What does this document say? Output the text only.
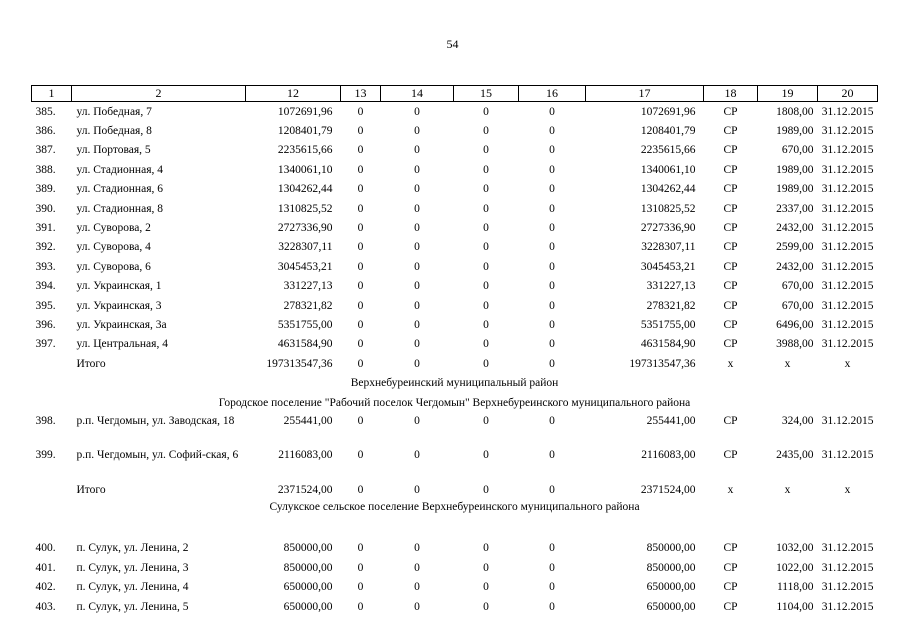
54
1	2	12	13	14	15	16	17	18	19	20
385.	ул. Победная, 7	1072691,96	0	0	0	0	1072691,96	СР	1808,00	31.12.2015
386.	ул. Победная, 8	1208401,79	0	0	0	0	1208401,79	СР	1989,00	31.12.2015
387.	ул. Портовая, 5	2235615,66	0	0	0	0	2235615,66	СР	670,00	31.12.2015
388.	ул. Стадионная, 4	1340061,10	0	0	0	0	1340061,10	СР	1989,00	31.12.2015
389.	ул. Стадионная, 6	1304262,44	0	0	0	0	1304262,44	СР	1989,00	31.12.2015
390.	ул. Стадионная, 8	1310825,52	0	0	0	0	1310825,52	СР	2337,00	31.12.2015
391.	ул. Суворова, 2	2727336,90	0	0	0	0	2727336,90	СР	2432,00	31.12.2015
392.	ул. Суворова, 4	3228307,11	0	0	0	0	3228307,11	СР	2599,00	31.12.2015
393.	ул. Суворова, 6	3045453,21	0	0	0	0	3045453,21	СР	2432,00	31.12.2015
394.	ул. Украинская, 1	331227,13	0	0	0	0	331227,13	СР	670,00	31.12.2015
395.	ул. Украинская, 3	278321,82	0	0	0	0	278321,82	СР	670,00	31.12.2015
396.	ул. Украинская, 3а	5351755,00	0	0	0	0	5351755,00	СР	6496,00	31.12.2015
397.	ул. Центральная, 4	4631584,90	0	0	0	0	4631584,90	СР	3988,00	31.12.2015
	Итого	197313547,36	0	0	0	0	197313547,36	х	х	х
Верхнебуреинский муниципальный район										
Городское поселение "Рабочий поселок Чегдомын" Верхнебуреинского муниципального района										
398.	р.п. Чегдомын, ул. Заводская, 18	255441,00	0	0	0	0	255441,00	СР	324,00	31.12.2015
399.	р.п. Чегдомын, ул. Софий-ская, 6	2116083,00	0	0	0	0	2116083,00	СР	2435,00	31.12.2015
	Итого	2371524,00	0	0	0	0	2371524,00	х	х	х
Сулукское сельское поселение Верхнебуреинского муниципального района										
400.	п. Сулук, ул. Ленина, 2	850000,00	0	0	0	0	850000,00	СР	1032,00	31.12.2015
401.	п. Сулук, ул. Ленина, 3	850000,00	0	0	0	0	850000,00	СР	1022,00	31.12.2015
402.	п. Сулук, ул. Ленина, 4	650000,00	0	0	0	0	650000,00	СР	1118,00	31.12.2015
403.	п. Сулук, ул. Ленина, 5	650000,00	0	0	0	0	650000,00	СР	1104,00	31.12.2015
